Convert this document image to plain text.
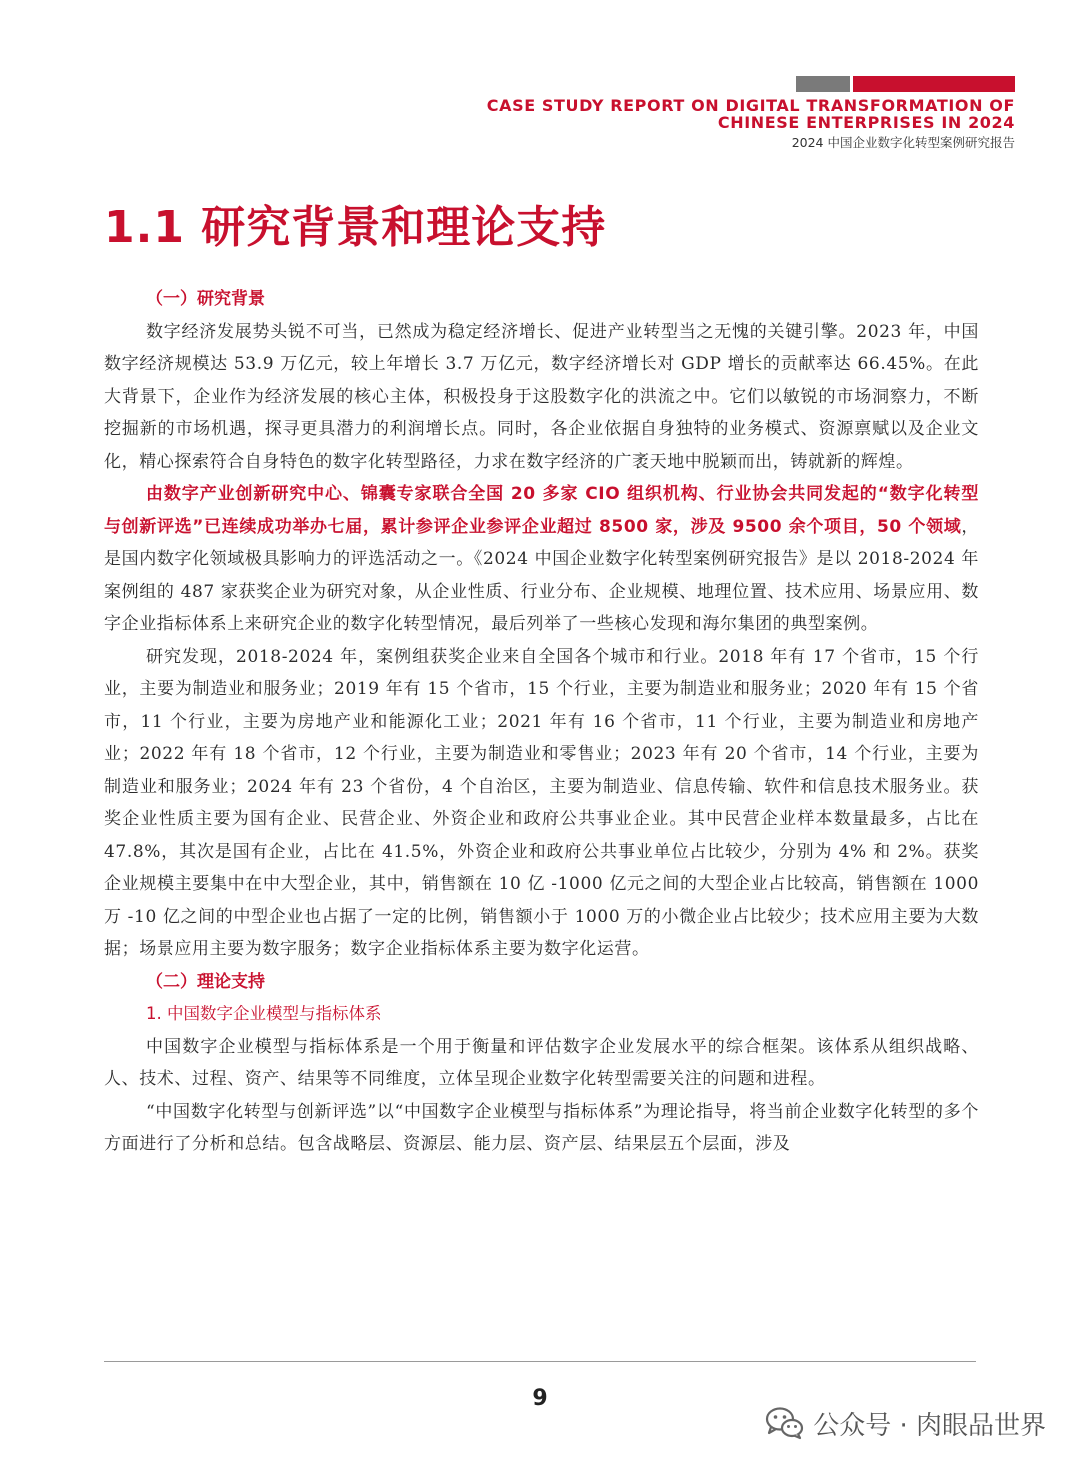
CASE STUDY REPORT ON DIGITAL TRANSFORMATION OF
CHINESE ENTERPRISES IN 2024
2024 中国企业数字化转型案例研究报告
1.1 研究背景和理论支持
（一）研究背景

数字经济发展势头锐不可当，已然成为稳定经济增长、促进产业转型当之无愧的关键引擎。2023 年，中国数字经济规模达 53.9 万亿元，较上年增长 3.7 万亿元，数字经济增长对 GDP 增长的贡献率达 66.45%。在此大背景下，企业作为经济发展的核心主体，积极投身于这股数字化的洪流之中。它们以敏锐的市场洞察力，不断挖掘新的市场机遇，探寻更具潜力的利润增长点。同时，各企业依据自身独特的业务模式、资源禀赋以及企业文化，精心探索符合自身特色的数字化转型路径，力求在数字经济的广袤天地中脱颖而出，铸就新的辉煌。

由数字产业创新研究中心、锦囊专家联合全国 20 多家 CIO 组织机构、行业协会共同发起的“数字化转型与创新评选”已连续成功举办七届，累计参评企业参评企业超过 8500 家，涉及 9500 余个项目，50 个领域，是国内数字化领域极具影响力的评选活动之一。《2024 中国企业数字化转型案例研究报告》是以 2018-2024 年案例组的 487 家获奖企业为研究对象，从企业性质、行业分布、企业规模、地理位置、技术应用、场景应用、数字企业指标体系上来研究企业的数字化转型情况，最后列举了一些核心发现和海尔集团的典型案例。

研究发现，2018-2024 年，案例组获奖企业来自全国各个城市和行业。2018 年有 17 个省市，15 个行业，主要为制造业和服务业；2019 年有 15 个省市，15 个行业，主要为制造业和服务业；2020 年有 15 个省市，11 个行业，主要为房地产业和能源化工业；2021 年有 16 个省市，11 个行业，主要为制造业和房地产业；2022 年有 18 个省市，12 个行业，主要为制造业和零售业；2023 年有 20 个省市，14 个行业，主要为制造业和服务业；2024 年有 23 个省份，4 个自治区，主要为制造业、信息传输、软件和信息技术服务业。获奖企业性质主要为国有企业、民营企业、外资企业和政府公共事业企业。其中民营企业样本数量最多，占比在 47.8%，其次是国有企业，占比在 41.5%，外资企业和政府公共事业单位占比较少，分别为 4% 和 2%。获奖企业规模主要集中在中大型企业，其中，销售额在 10 亿 -1000 亿元之间的大型企业占比较高，销售额在 1000 万 -10 亿之间的中型企业也占据了一定的比例，销售额小于 1000 万的小微企业占比较少；技术应用主要为大数据；场景应用主要为数字服务；数字企业指标体系主要为数字化运营。

（二）理论支持
1. 中国数字企业模型与指标体系

中国数字企业模型与指标体系是一个用于衡量和评估数字企业发展水平的综合框架。该体系从组织战略、人、技术、过程、资产、结果等不同维度，立体呈现企业数字化转型需要关注的问题和进程。

“中国数字化转型与创新评选”以“中国数字企业模型与指标体系”为理论指导，将当前企业数字化转型的多个方面进行了分析和总结。包含战略层、资源层、能力层、资产层、结果层五个层面，涉及

9
公众号 · 肉眼品世界
